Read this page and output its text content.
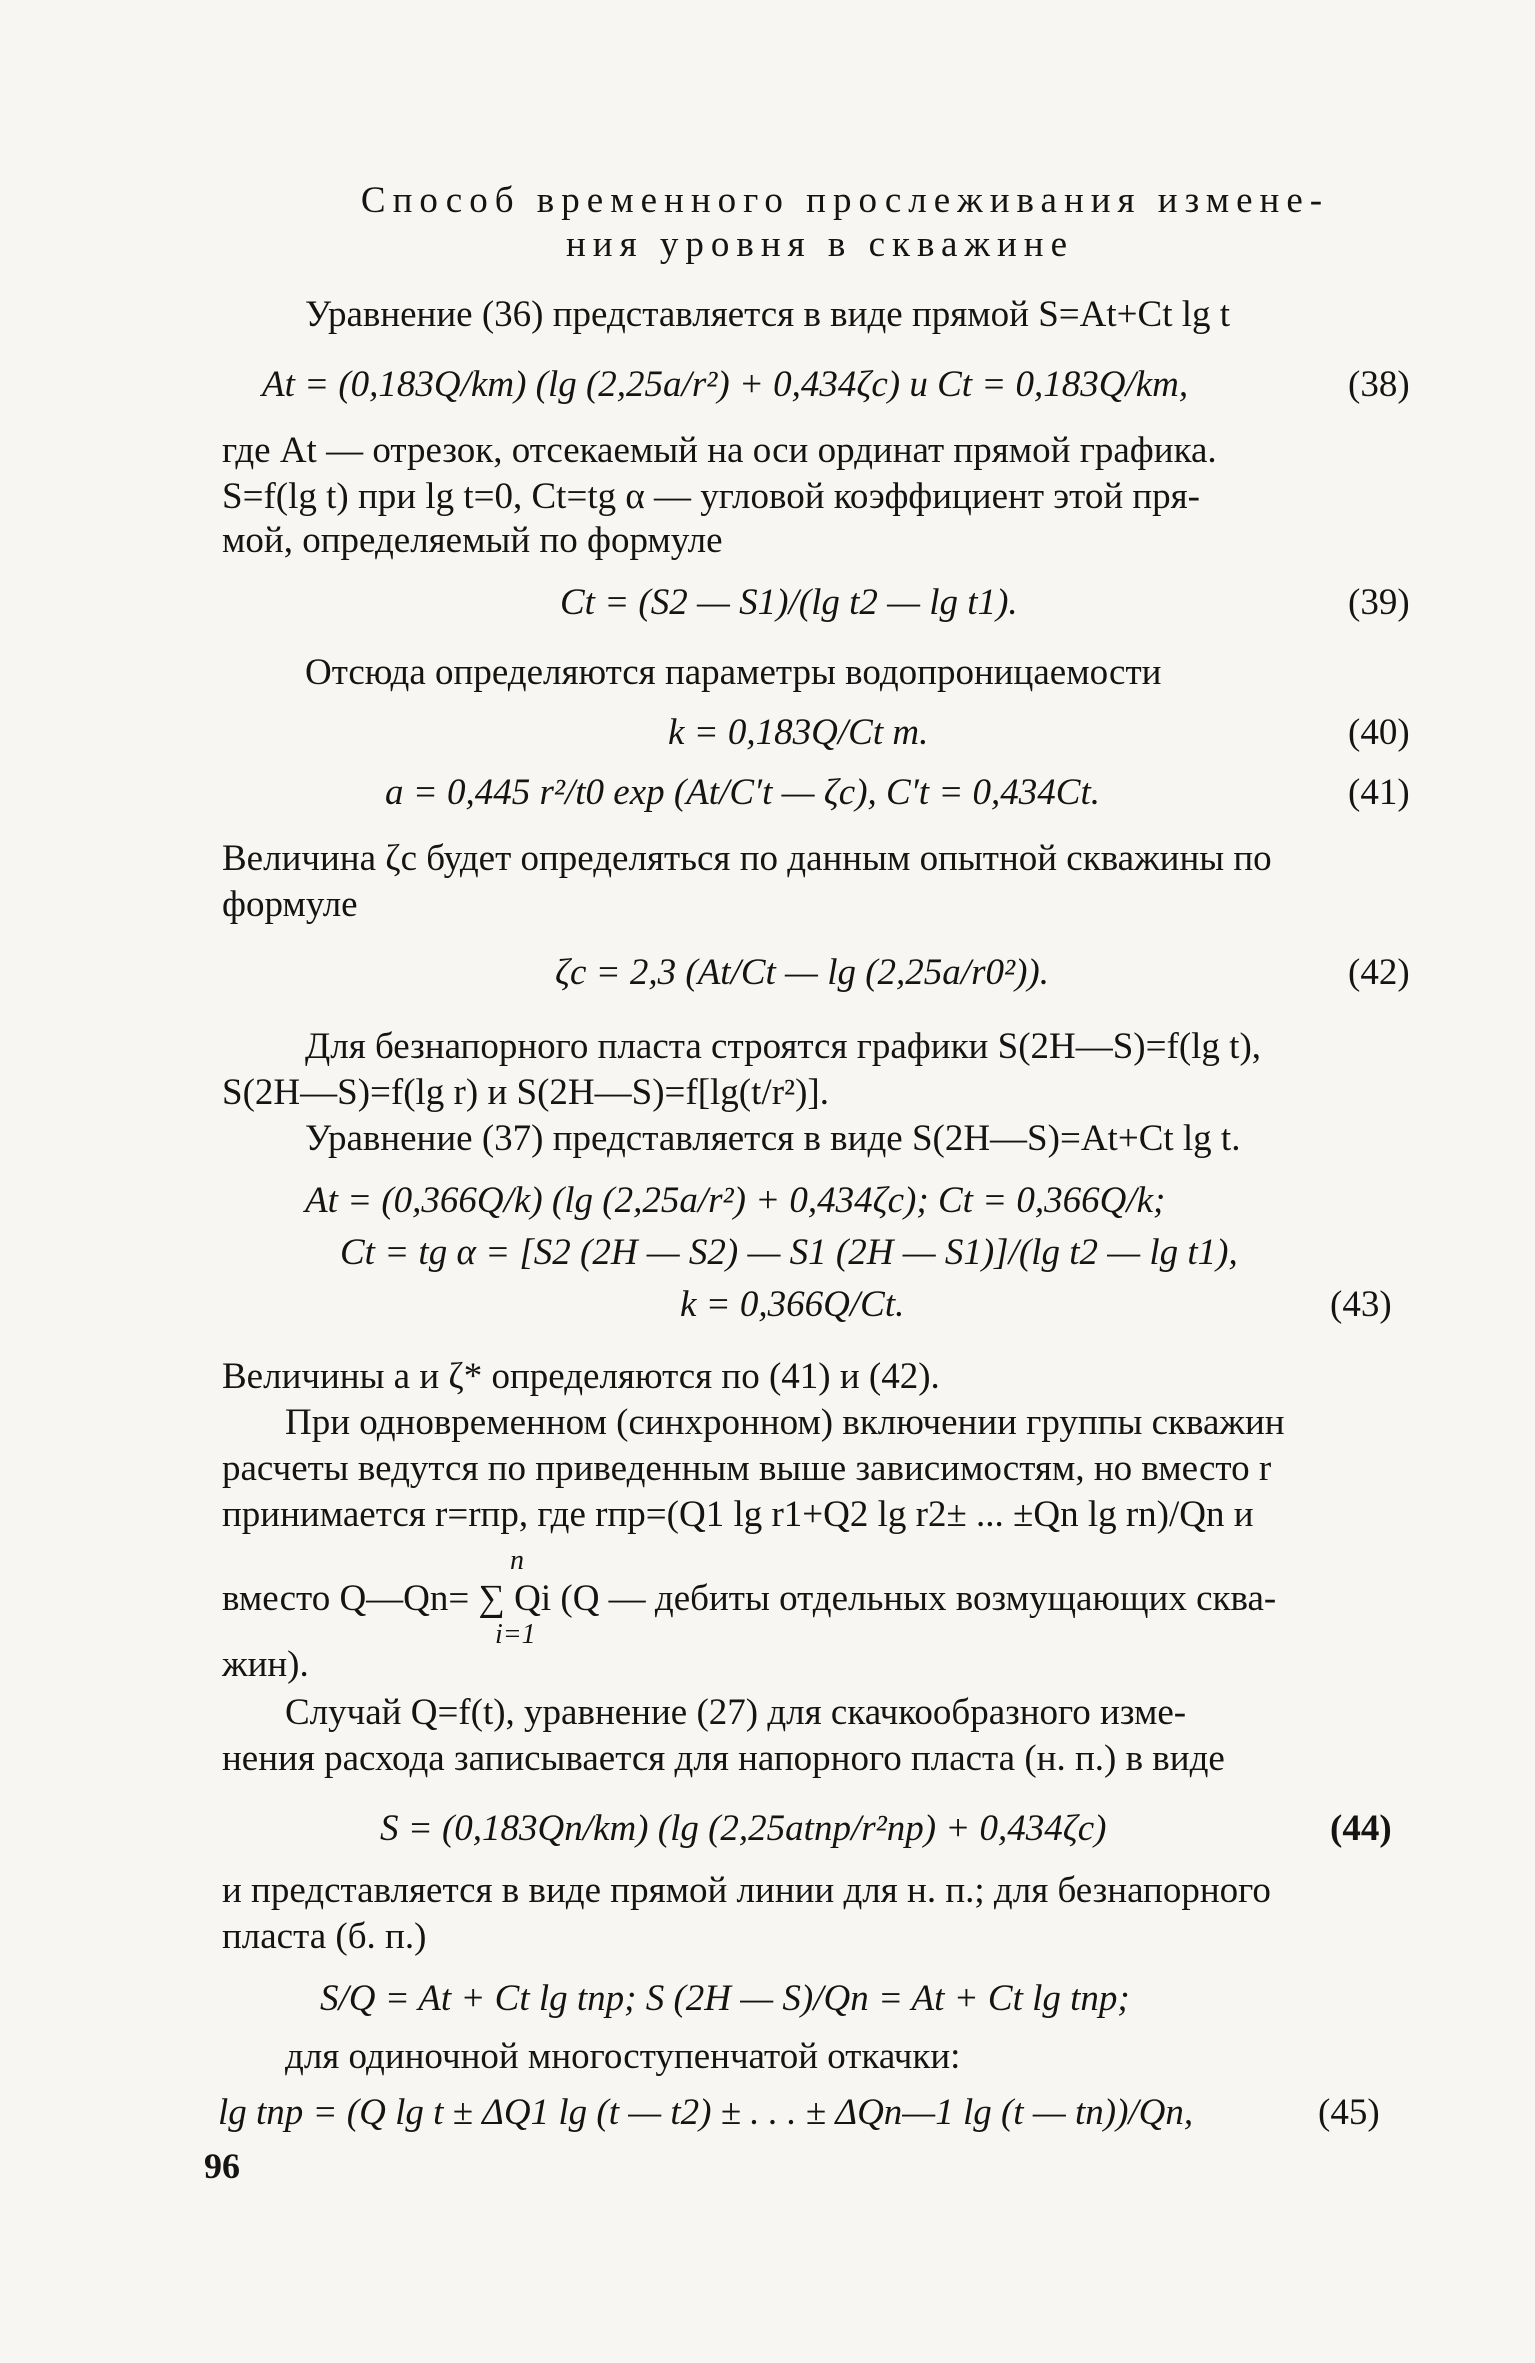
Способ временного прослеживания измене-
ния уровня в скважине
Уравнение (36) представляется в виде прямой S=At+Ct lg t
At = (0,183Q/km) (lg (2,25a/r²) + 0,434ζc) и Ct = 0,183Q/km,	(38)
где At — отрезок, отсекаемый на оси ординат прямой графика.
S=f(lg t) при lg t=0, Ct=tg α — угловой коэффициент этой пря-
мой, определяемый по формуле
Ct = (S2 — S1)/(lg t2 — lg t1).	(39)
Отсюда определяются параметры водопроницаемости
k = 0,183Q/Ct m.	(40)
a = 0,445 r²/t0 exp (At/C′t — ζc), C′t = 0,434Ct.	(41)
Величина ζc будет определяться по данным опытной скважины по
формуле
ζc = 2,3 (At/Ct — lg (2,25a/r0²)).	(42)
Для безнапорного пласта строятся графики S(2H—S)=f(lg t),
S(2H—S)=f(lg r) и S(2H—S)=f[lg(t/r²)].
Уравнение (37) представляется в виде S(2H—S)=At+Ct lg t.
At = (0,366Q/k) (lg (2,25a/r²) + 0,434ζc); Ct = 0,366Q/k;
Ct = tg α = [S2 (2H — S2) — S1 (2H — S1)]/(lg t2 — lg t1),
k = 0,366Q/Ct.	(43)
Величины a и ζ* определяются по (41) и (42).
При одновременном (синхронном) включении группы скважин
расчеты ведутся по приведенным выше зависимостям, но вместо r
принимается r=rпр, где rпр=(Q1 lg r1+Q2 lg r2± ... ±Qn lg rn)/Qn и
n
вместо Q—Qn= ∑ Qi (Q — дебиты отдельных возмущающих сква-
i=1
жин).
Случай Q=f(t), уравнение (27) для скачкообразного изме-
нения расхода записывается для напорного пласта (н. п.) в виде
S = (0,183Qn/km) (lg (2,25atпр/r²пр) + 0,434ζc)	(44)
и представляется в виде прямой линии для н. п.; для безнапорного
пласта (б. п.)
S/Q = At + Ct lg tпр; S (2H — S)/Qn = At + Ct lg tпр;
для одиночной многоступенчатой откачки:
lg tпр = (Q lg t ± ΔQ1 lg (t — t2) ± . . . ± ΔQn—1 lg (t — tn))/Qn,	(45)
96
